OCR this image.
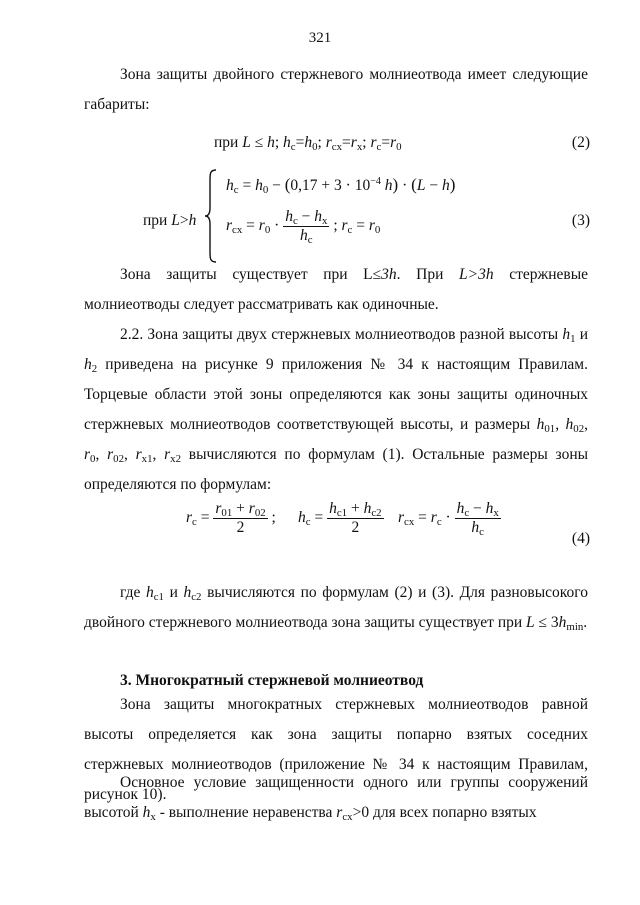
321
Зона защиты двойного стержневого молниеотвода имеет следующие
габариты:
при L ≤ h; $h_c=h_0$; $r_{cx}=r_x$; $r_c=r_0$	(2)
при L>h
$h_c = h_0 - (0,17 + 3 \cdot 10^{-4}$ h) · (L − h)
$r_{cx} = r_0 \cdot \frac{h_c - h_x}{h_c}$ ; $r_c = r_0$
(3)
Зона защиты существует при L≤3h. При L>3h стержневые молниеотводы следует рассматривать как одиночные.
2.2. Зона защиты двух стержневых молниеотводов разной высоты $h_1$ и $h_2$ приведена на рисунке 9 приложения № 34 к настоящим Правилам. Торцевые области этой зоны определяются как зоны защиты одиночных стержневых молниеотводов соответствующей высоты, и размеры $h_{01}$, $h_{02}$, $r_0$, $r_{02}$, $r_{x1}$, $r_{x2}$ вычисляются по формулам (1). Остальные размеры зоны определяются по формулам:
$r_c = \frac{r_{01} + r_{02}}{2}$ ; $h_c = \frac{h_{c1} + h_{c2}}{2} r_{cx} = r_c \cdot \frac{h_c - h_x}{h_c}$
(4)
где $h_{c1}$ и $h_{c2}$ вычисляются по формулам (2) и (3). Для разновысокого двойного стержневого молниеотвода зона защиты существует при $L \le 3h_{min}$.
3. Многократный стержневой молниеотвод
Зона защиты многократных стержневых молниеотводов равной высоты определяется как зона защиты попарно взятых соседних стержневых молниеотводов (приложение № 34 к настоящим Правилам, рисунок 10).
Основное условие защищенности одного или группы сооружений высотой $h_x$ - выполнение неравенства $r_{cx}>0$ для всех попарно взятых
